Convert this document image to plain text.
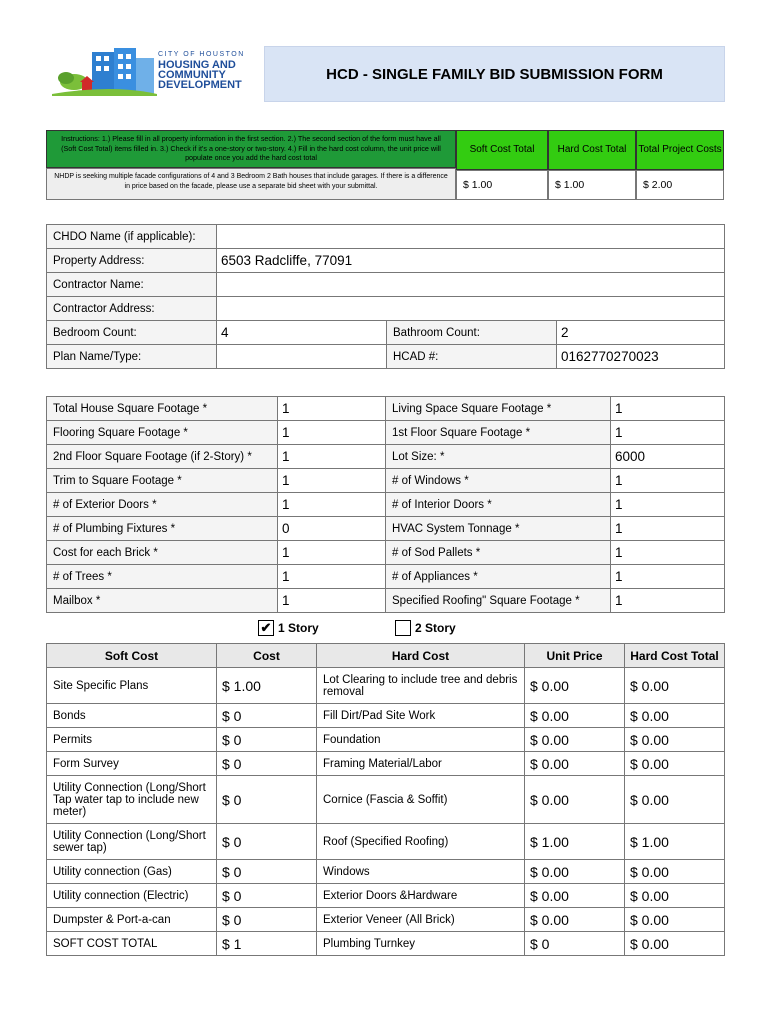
CITY OF HOUSTON
HOUSING AND
COMMUNITY
DEVELOPMENT
HCD - SINGLE FAMILY BID SUBMISSION FORM
Instructions: 1.) Please fill in all property information in the first section. 2.) The second section of the form must have all (Soft Cost Total) items filled in. 3.) Check if it's a one-story or two-story. 4.) Fill in the hard cost column, the unit price will populate once you add the hard cost total
NHDP is seeking multiple facade configurations of 4 and 3 Bedroom 2 Bath houses that include garages. If there is a difference in price based on the facade, please use a separate bid sheet with your submittal.
Soft Cost Total	Hard Cost Total	Total Project Costs
$ 1.00	$ 1.00	$ 2.00
CHDO Name (if applicable):			
Property Address:	6503 Radcliffe, 77091		
Contractor Name:			
Contractor Address:			
Bedroom Count:	4	Bathroom Count:	2
Plan Name/Type:		HCAD #:	0162770270023
Total House Square Footage *	1	Living Space Square Footage *	1
Flooring Square Footage *	1	1st Floor Square Footage *	1
2nd Floor Square Footage (if 2-Story) *	1	Lot Size: *	6000
Trim to Square Footage *	1	# of Windows *	1
# of Exterior Doors *	1	# of Interior Doors *	1
# of Plumbing Fixtures *	0	HVAC System Tonnage *	1
Cost for each Brick *	1	# of Sod Pallets *	1
# of Trees *	1	# of Appliances *	1
Mailbox *	1	Specified Roofing" Square Footage *	1
✔ 1 Story	2 Story
Soft Cost	Cost	Hard Cost	Unit Price	Hard Cost Total
Site Specific Plans	$ 1.00	Lot Clearing to include tree and debris removal	$ 0.00	$ 0.00
Bonds	$ 0	Fill Dirt/Pad Site Work	$ 0.00	$ 0.00
Permits	$ 0	Foundation	$ 0.00	$ 0.00
Form Survey	$ 0	Framing Material/Labor	$ 0.00	$ 0.00
Utility Connection (Long/Short Tap water tap to include new meter)	$ 0	Cornice (Fascia & Soffit)	$ 0.00	$ 0.00
Utility Connection (Long/Short sewer tap)	$ 0	Roof (Specified Roofing)	$ 1.00	$ 1.00
Utility connection (Gas)	$ 0	Windows	$ 0.00	$ 0.00
Utility connection (Electric)	$ 0	Exterior Doors &Hardware	$ 0.00	$ 0.00
Dumpster & Port-a-can	$ 0	Exterior Veneer (All Brick)	$ 0.00	$ 0.00
SOFT COST TOTAL	$ 1	Plumbing Turnkey	$ 0	$ 0.00
